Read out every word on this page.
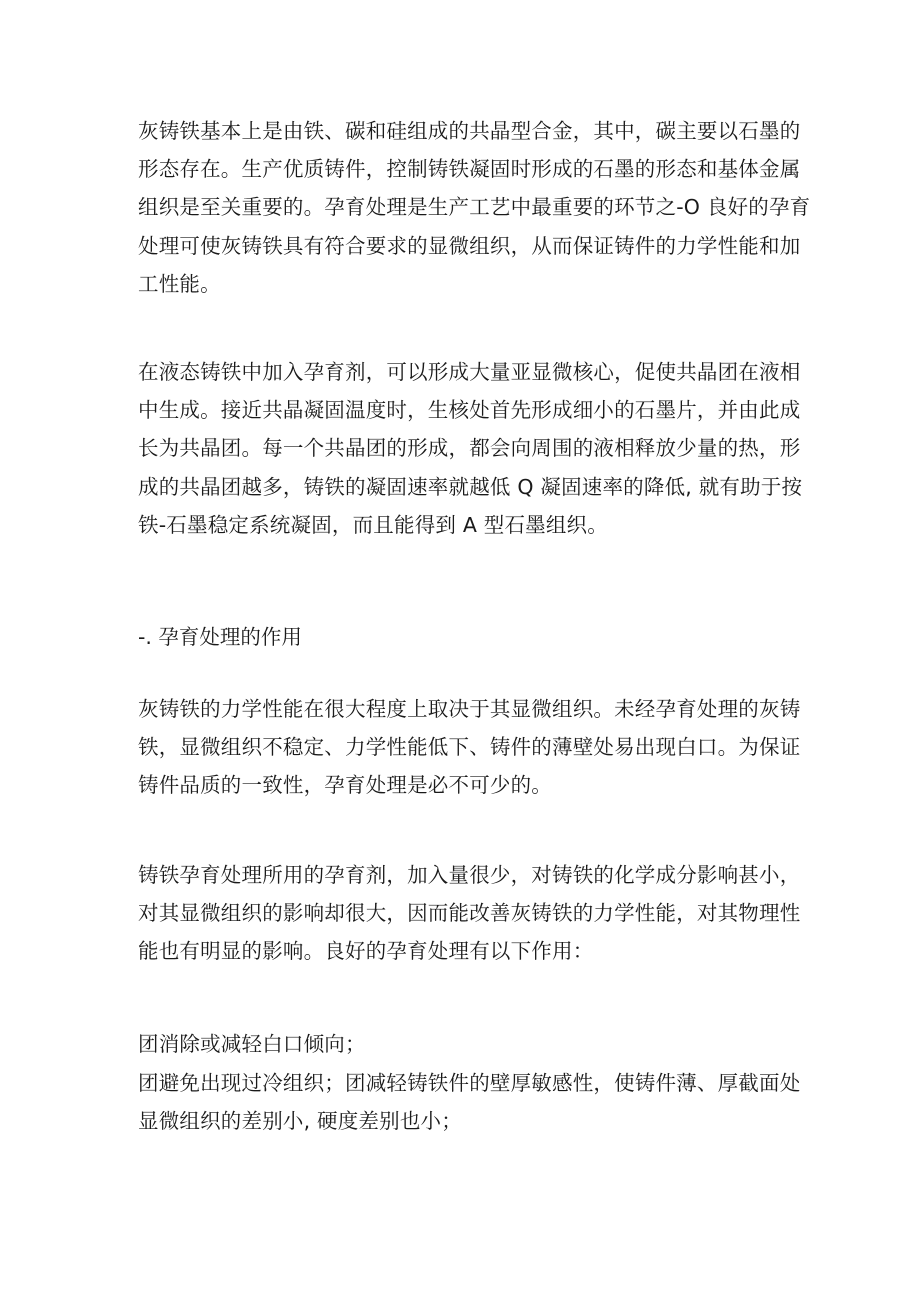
灰铸铁基本上是由铁、碳和硅组成的共晶型合金，其中，碳主要以石墨的
形态存在。生产优质铸件，控制铸铁凝固时形成的石墨的形态和基体金属
组织是至关重要的。孕育处理是生产工艺中最重要的环节之-O 良好的孕育
处理可使灰铸铁具有符合要求的显微组织，从而保证铸件的力学性能和加
工性能。
在液态铸铁中加入孕育剂，可以形成大量亚显微核心，促使共晶团在液相
中生成。接近共晶凝固温度时，生核处首先形成细小的石墨片，并由此成
长为共晶团。每一个共晶团的形成，都会向周围的液相释放少量的热，形
成的共晶团越多，铸铁的凝固速率就越低 Q 凝固速率的降低, 就有助于按
铁-石墨稳定系统凝固，而且能得到 A 型石墨组织。
-. 孕育处理的作用
灰铸铁的力学性能在很大程度上取决于其显微组织。未经孕育处理的灰铸
铁，显微组织不稳定、力学性能低下、铸件的薄壁处易出现白口。为保证
铸件品质的一致性，孕育处理是必不可少的。
铸铁孕育处理所用的孕育剂，加入量很少，对铸铁的化学成分影响甚小，
对其显微组织的影响却很大，因而能改善灰铸铁的力学性能，对其物理性
能也有明显的影响。良好的孕育处理有以下作用：
团消除或减轻白口倾向；
团避免出现过冷组织；团减轻铸铁件的壁厚敏感性，使铸件薄、厚截面处
显微组织的差别小, 硬度差别也小；
